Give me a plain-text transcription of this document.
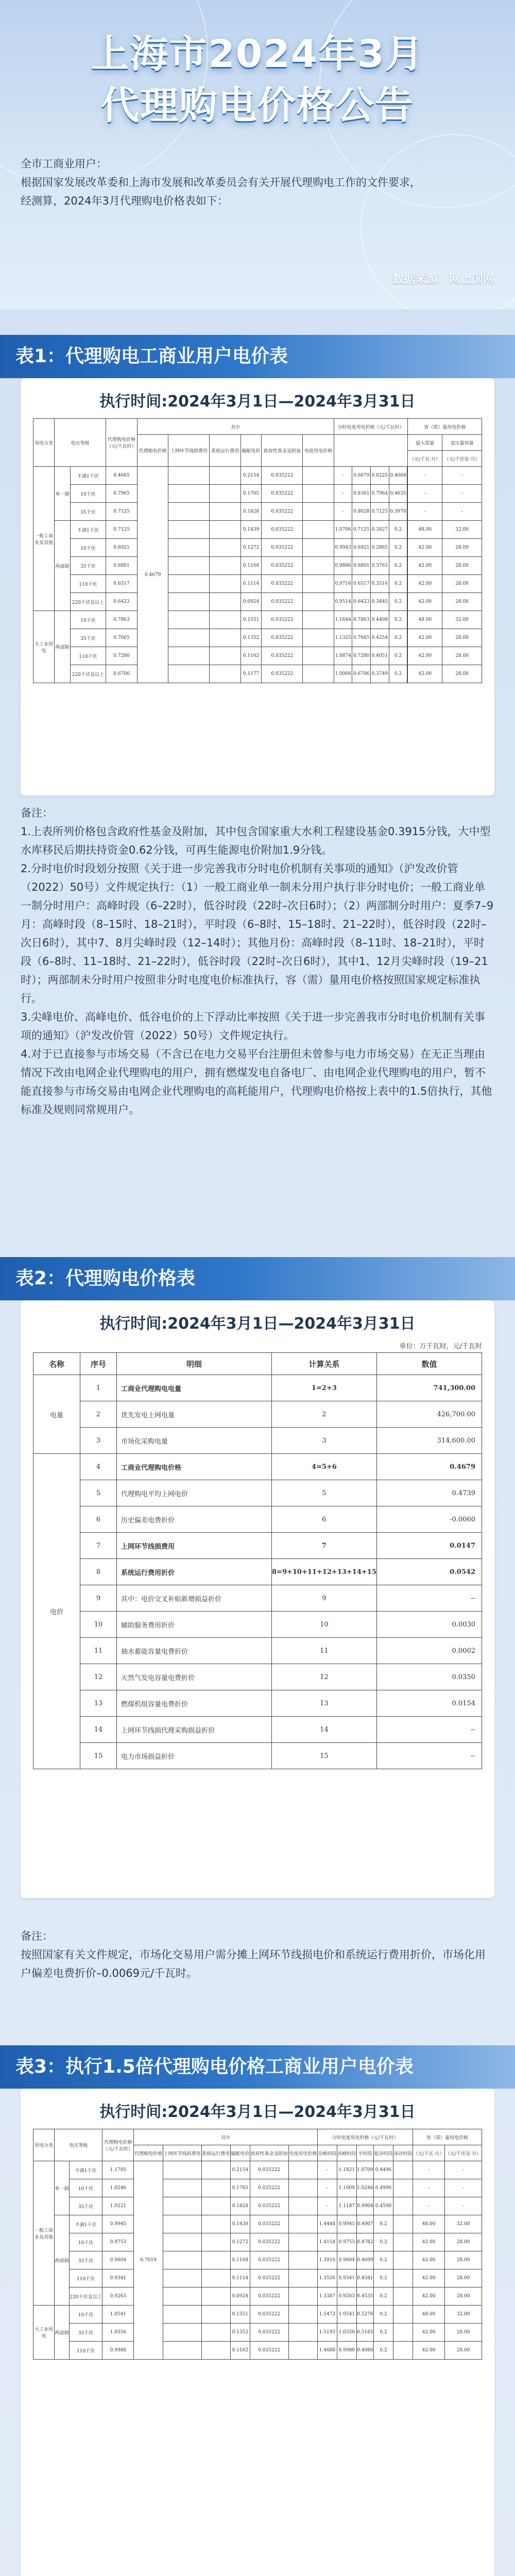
上海市2024年3月
代理购电价格公告

全市工商业用户：

根据国家发展改革委和上海市发展和改革委员会有关开展代理购电工作的文件要求，

经测算，2024年3月代理购电价格表如下：

数据来源：网上国网
表1：代理购电工商业用户电价表
执行时间:2024年3月1日—2024年3月31日
用电分类	电压等级		代理购电价格（元/千瓦时）	其中						分时电度用电价格（元/千瓦时）				容（需）量用电价格	
				代理购电价格	上网环节线损费用	系统运行费用	输配电价	政府性基金及附加	电度用电价格					最大需量	变压器容量
														（元/千瓦·月）	（元/千伏安·月）
一般工商业及其他	单一制	不满1千伏	0.4665	0.4679			0.2154	0.035222		-	0.6679	0.0225	0.4668		-	-
		10千伏	0.7965				0.1765	0.035222		-	0.8361	0.7964	0.4635		-	-
		35千伏	0.7125				0.1828	0.035222		-	0.8028	0.7125	0.3970		-	-
	两部制	不满1千伏	0.7125				0.1439	0.035222		1.0706	0.7125	0.3827	0.2		48.00	32.00
		10千伏	0.6921				0.1272	0.035222		0.9943	0.6921	0.2865	0.2		42.00	28.00
		35千伏	0.6801				0.1168	0.035222		0.9886	0.6801	0.3761	0.2		42.00	28.00
		110千伏	0.6517				0.1114	0.035222		0.9716	0.6517	0.3516	0.2		42.00	28.00
		220千伏及以上	0.6423				0.0924	0.035222		0.9514	0.6423	0.3445	0.2		42.00	28.00
大工业用电	两部制	10千伏	0.7863				0.1551	0.035222		1.1644	0.7863	0.4408	0.2		48.00	32.00
		35千伏	0.7665				0.1352	0.035222		1.1325	0.7665	0.4254	0.2		42.00	28.00
		110千伏	0.7280				0.1162	0.035222		1.0874	0.7280	0.4051	0.2		42.00	28.00
		220千伏及以上	0.6706				0.1177	0.035222		1.0066	0.6706	0.3749	0.2		42.00	28.00

备注：

1.上表所列价格包含政府性基金及附加，其中包含国家重大水利工程建设基金0.3915分钱，大中型水库移民后期扶持资金0.62分钱，可再生能源电价附加1.9分钱。

2.分时电价时段划分按照《关于进一步完善我市分时电价机制有关事项的通知》（沪发改价管（2022）50号）文件规定执行：（1）一般工商业单一制未分用户执行非分时电价；一般工商业单一制分时用户：高峰时段（6–22时），低谷时段（22时–次日6时）；（2）两部制分时用户：夏季7–9月：高峰时段（8–15时、18–21时），平时段（6–8时、15–18时、21–22时），低谷时段（22时–次日6时），其中7、8月尖峰时段（12–14时）；其他月份：高峰时段（8–11时、18–21时），平时段（6–8时、11–18时、21–22时），低谷时段（22时–次日6时），其中1、12月尖峰时段（19–21时）；两部制未分时用户按照非分时电度电价标准执行，容（需）量用电价格按照国家规定标准执行。

3.尖峰电价、高峰电价、低谷电价的上下浮动比率按照《关于进一步完善我市分时电价机制有关事项的通知》（沪发改价管（2022）50号）文件规定执行。

4.对于已直接参与市场交易（不含已在电力交易平台注册但未曾参与电力市场交易）在无正当理由情况下改由电网企业代理购电的用户，拥有燃煤发电自备电厂、由电网企业代理购电的用户，暂不能直接参与市场交易由电网企业代理购电的高耗能用户，代理购电价格按上表中的1.5倍执行，其他标准及规则同常规用户。

表2：代理购电价格表
执行时间:2024年3月1日—2024年3月31日
单位：万千瓦时，元/千瓦时
名称	序号	明细	计算关系	数值
电量	1	工商业代理购电电量	1=2+3	741,300.00
	2	优先发电上网电量	2	426,700.00
	3	市场化采购电量	3	314,600.00
电价	4	工商业代理购电价格	4=5+6	0.4679
	5	代理购电平均上网电价	5	0.4739
	6	历史偏差电费折价	6	-0.0060
	7	上网环节线损费用	7	0.0147
	8	系统运行费用折价	8=9+10+11+12+13+14+15	0.0542
	9	其中：电价交叉补贴新增损益折价	9	--
	10	辅助服务费用折价	10	0.0030
	11	抽水蓄能容量电费折价	11	0.0002
	12	天然气发电容量电费折价	12	0.0350
	13	燃煤机组容量电费折价	13	0.0154
	14	上网环节线损代理采购损益折价	14	--
	15	电力市场损益折价	15	--

备注：

按照国家有关文件规定，市场化交易用户需分摊上网环节线损电价和系统运行费用折价，市场化用户偏差电费折价–0.0069元/千瓦时。

表3：执行1.5倍代理购电价格工商业用户电价表
执行时间:2024年3月1日—2024年3月31日
用电分类	电压等级		代理购电价格（元/千瓦时）	其中						分时电度用电价格（元/千瓦时）					容（需）量用电价格	
				代理购电价格	上网环节线损费用	系统运行费用	输配电价	政府性基金及附加	电度用电价格	尖峰时段	高峰时段	平时段	低谷时段	深谷时段	（元/千瓦·月）	（元/千伏安·月）
一般工商业及其他	单一制	不满1千伏	1.1705	0.7019			0.2154	0.035222		-	1.1821	1.0709	0.4496		-	-
		10千伏	1.0246				0.1765	0.035222		-	1.1009	1.0246	0.4996		-	-
		35千伏	1.0221				0.1828	0.035222		-	1.1187	0.9904	0.4590		-	-
	两部制	不满1千伏	0.9945				0.1439	0.035222		1.4448	0.9945	0.4907	0.2		48.00	32.00
		10千伏	0.9753				0.1272	0.035222		1.4154	0.9753	0.4782	0.2		42.00	28.00
		35千伏	0.9604				0.1168	0.035222		1.3916	0.9604	0.4699	0.2		42.00	28.00
		110千伏	0.9341				0.1114	0.035222		1.3526	0.9341	0.4581	0.2		42.00	28.00
		220千伏及以上	0.9263				0.0924	0.035222		1.3387	0.9263	0.4535	0.2		42.00	28.00
大工业用电	两部制	10千伏	1.0541				0.1551	0.035222		1.5472	1.0541	0.5276	0.2		48.00	32.00
		35千伏	1.0356				0.1352	0.035222		1.5193	1.0356	0.5185	0.2		42.00	28.00
		110千伏	0.9980				0.1162	0.035222		1.4688	0.9980	0.4980	0.2		42.00	28.00
